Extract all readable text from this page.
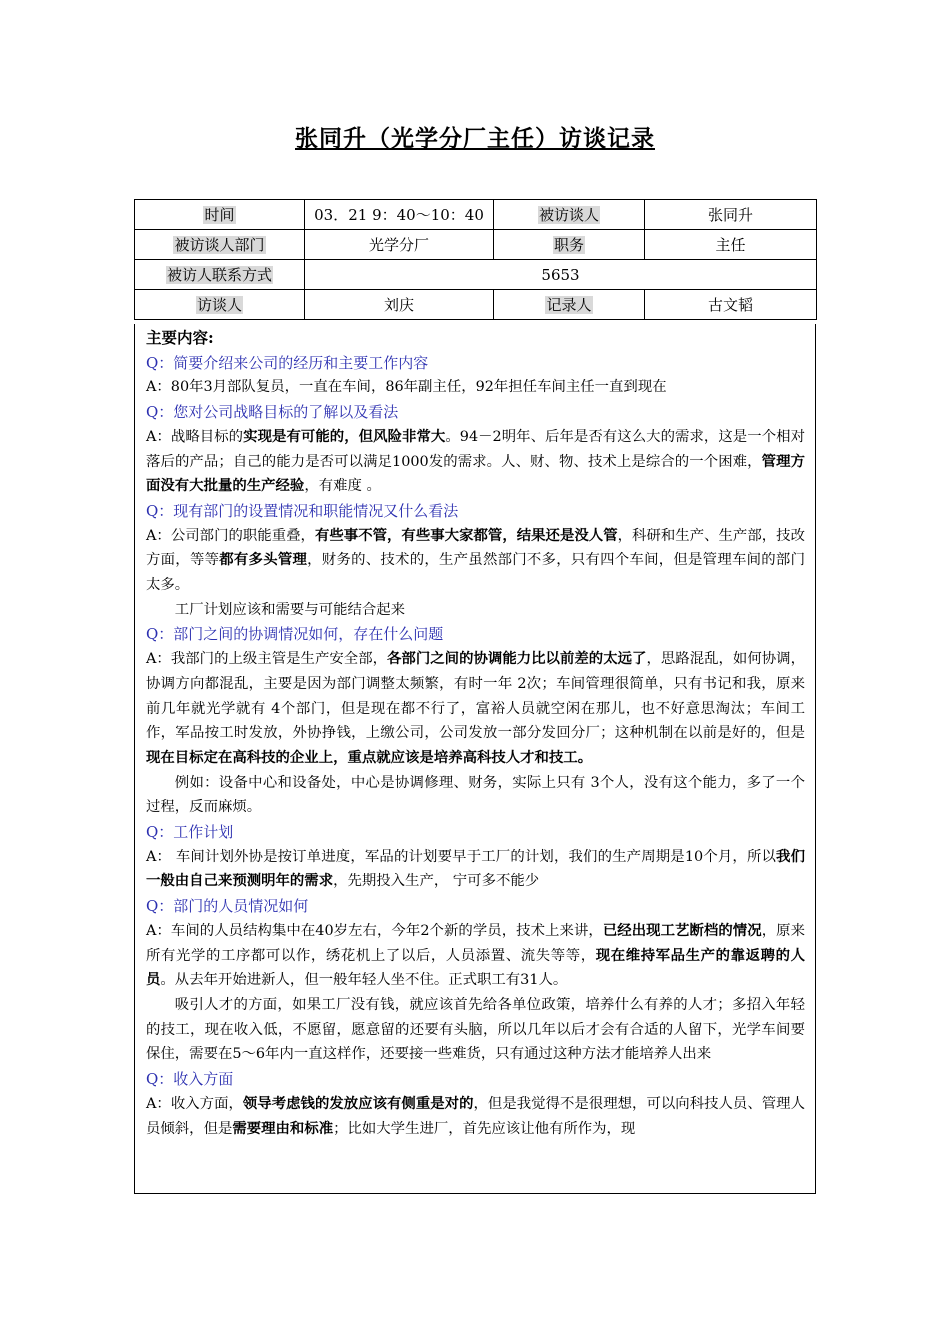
张同升（光学分厂主任）访谈记录
时间	03．21 9：40～10：40	被访谈人	张同升
被访谈人部门	光学分厂	职务	主任
被访人联系方式	5653		
访谈人	刘庆	记录人	古文韬

主要内容:

Q：简要介绍来公司的经历和主要工作内容

A：80年3月部队复员，一直在车间，86年副主任，92年担任车间主任一直到现在

Q：您对公司战略目标的了解以及看法

A：战略目标的实现是有可能的，但风险非常大。94－2明年、后年是否有这么大的需求，这是一个相对落后的产品；自己的能力是否可以满足1000发的需求。人、财、物、技术上是综合的一个困难，管理方面没有大批量的生产经验，有难度 。

Q：现有部门的设置情况和职能情况又什么看法

A：公司部门的职能重叠，有些事不管，有些事大家都管，结果还是没人管，科研和生产、生产部，技改方面，等等都有多头管理，财务的、技术的，生产虽然部门不多，只有四个车间，但是管理车间的部门太多。

工厂计划应该和需要与可能结合起来

Q：部门之间的协调情况如何，存在什么问题

A：我部门的上级主管是生产安全部，各部门之间的协调能力比以前差的太远了，思路混乱，如何协调，协调方向都混乱，主要是因为部门调整太频繁，有时一年 2次；车间管理很简单，只有书记和我，原来前几年就光学就有 4个部门，但是现在都不行了，富裕人员就空闲在那儿，也不好意思淘汰；车间工作，军品按工时发放，外协挣钱，上缴公司，公司发放一部分发回分厂；这种机制在以前是好的，但是现在目标定在高科技的企业上，重点就应该是培养高科技人才和技工。

例如：设备中心和设备处，中心是协调修理、财务，实际上只有 3个人，没有这个能力，多了一个过程，反而麻烦。

Q：工作计划

A： 车间计划外协是按订单进度，军品的计划要早于工厂的计划，我们的生产周期是10个月，所以我们一般由自己来预测明年的需求，先期投入生产， 宁可多不能少

Q：部门的人员情况如何

A：车间的人员结构集中在40岁左右，今年2个新的学员，技术上来讲，已经出现工艺断档的情况，原来所有光学的工序都可以作，绣花机上了以后，人员添置、流失等等，现在维持军品生产的靠返聘的人员。从去年开始进新人，但一般年轻人坐不住。正式职工有31人。

吸引人才的方面，如果工厂没有钱，就应该首先给各单位政策，培养什么有养的人才；多招入年轻的技工，现在收入低，不愿留，愿意留的还要有头脑，所以几年以后才会有合适的人留下，光学车间要保住，需要在5～6年内一直这样作，还要接一些难货，只有通过这种方法才能培养人出来

Q：收入方面

A：收入方面，领导考虑钱的发放应该有侧重是对的，但是我觉得不是很理想，可以向科技人员、管理人员倾斜，但是需要理由和标准；比如大学生进厂，首先应该让他有所作为，现
